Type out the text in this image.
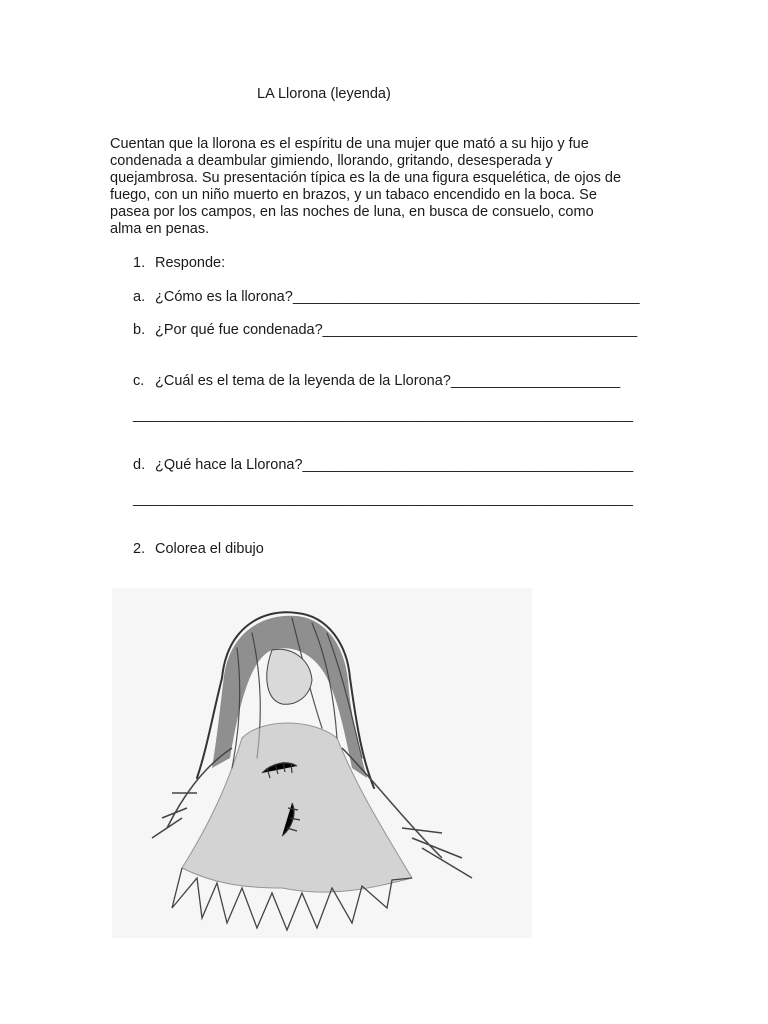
LA Llorona (leyenda)
Cuentan que la llorona es el espíritu de una mujer que mató a su hijo y fue
condenada a deambular gimiendo, llorando, gritando, desesperada y
quejambrosa. Su presentación típica es la de una figura esquelética, de ojos de
fuego, con un niño muerto en brazos, y un tabaco encendido en la boca. Se
pasea por los campos, en las noches de luna, en busca de consuelo, como
alma en penas.
1. Responde:
a. ¿Cómo es la llorona?___________________________________________
b. ¿Por qué fue condenada?_______________________________________
c. ¿Cuál es el tema de la leyenda de la Llorona?_____________________
______________________________________________________________
d. ¿Qué hace la Llorona?_________________________________________
______________________________________________________________
2. Colorea el dibujo
